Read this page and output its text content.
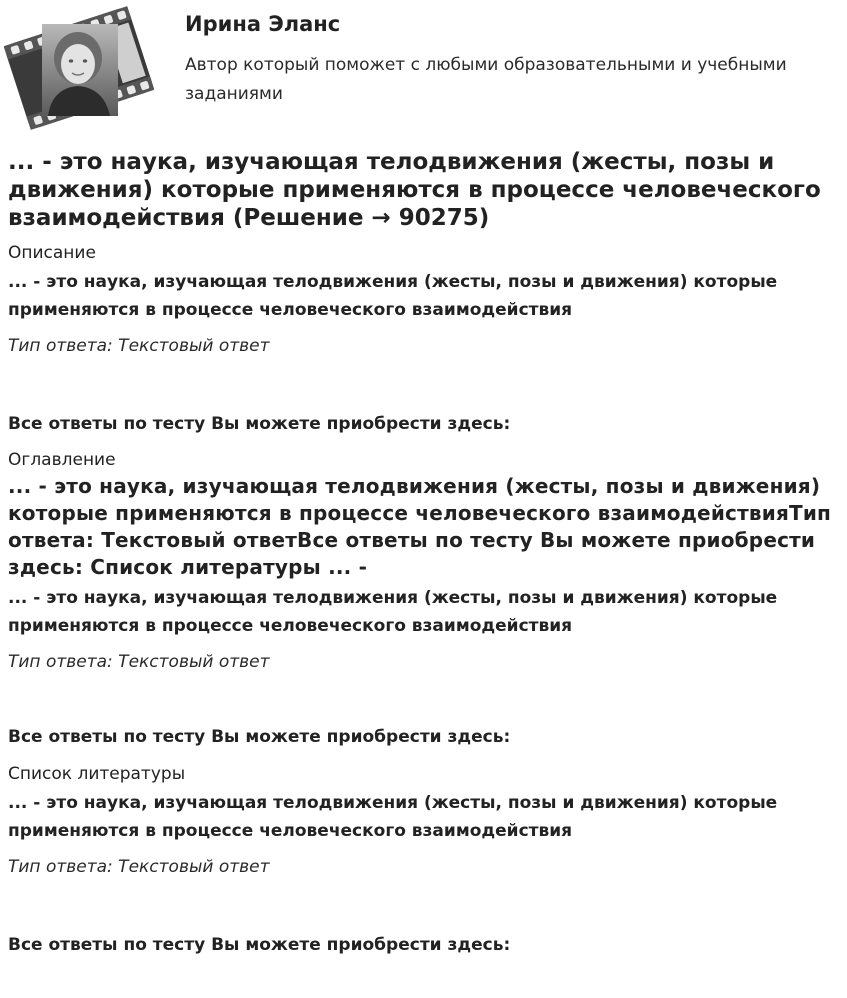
Ирина Эланс
Автор который поможет с любыми образовательными и учебными заданиями
... - это наука, изучающая телодвижения (жесты, позы и движения) которые применяются в процессе человеческого взаимодействия (Решение → 90275)
Описание
... - это наука, изучающая телодвижения (жесты, позы и движения) которые применяются в процессе человеческого взаимодействия
Тип ответа: Текстовый ответ
Все ответы по тесту Вы можете приобрести здесь:
Оглавление
... - это наука, изучающая телодвижения (жесты, позы и движения) которые применяются в процессе человеческого взаимодействияТип ответа: Текстовый ответВсе ответы по тесту Вы можете приобрести здесь: Список литературы ... -
... - это наука, изучающая телодвижения (жесты, позы и движения) которые применяются в процессе человеческого взаимодействия
Тип ответа: Текстовый ответ
Все ответы по тесту Вы можете приобрести здесь:
Список литературы
... - это наука, изучающая телодвижения (жесты, позы и движения) которые применяются в процессе человеческого взаимодействия
Тип ответа: Текстовый ответ
Все ответы по тесту Вы можете приобрести здесь:
